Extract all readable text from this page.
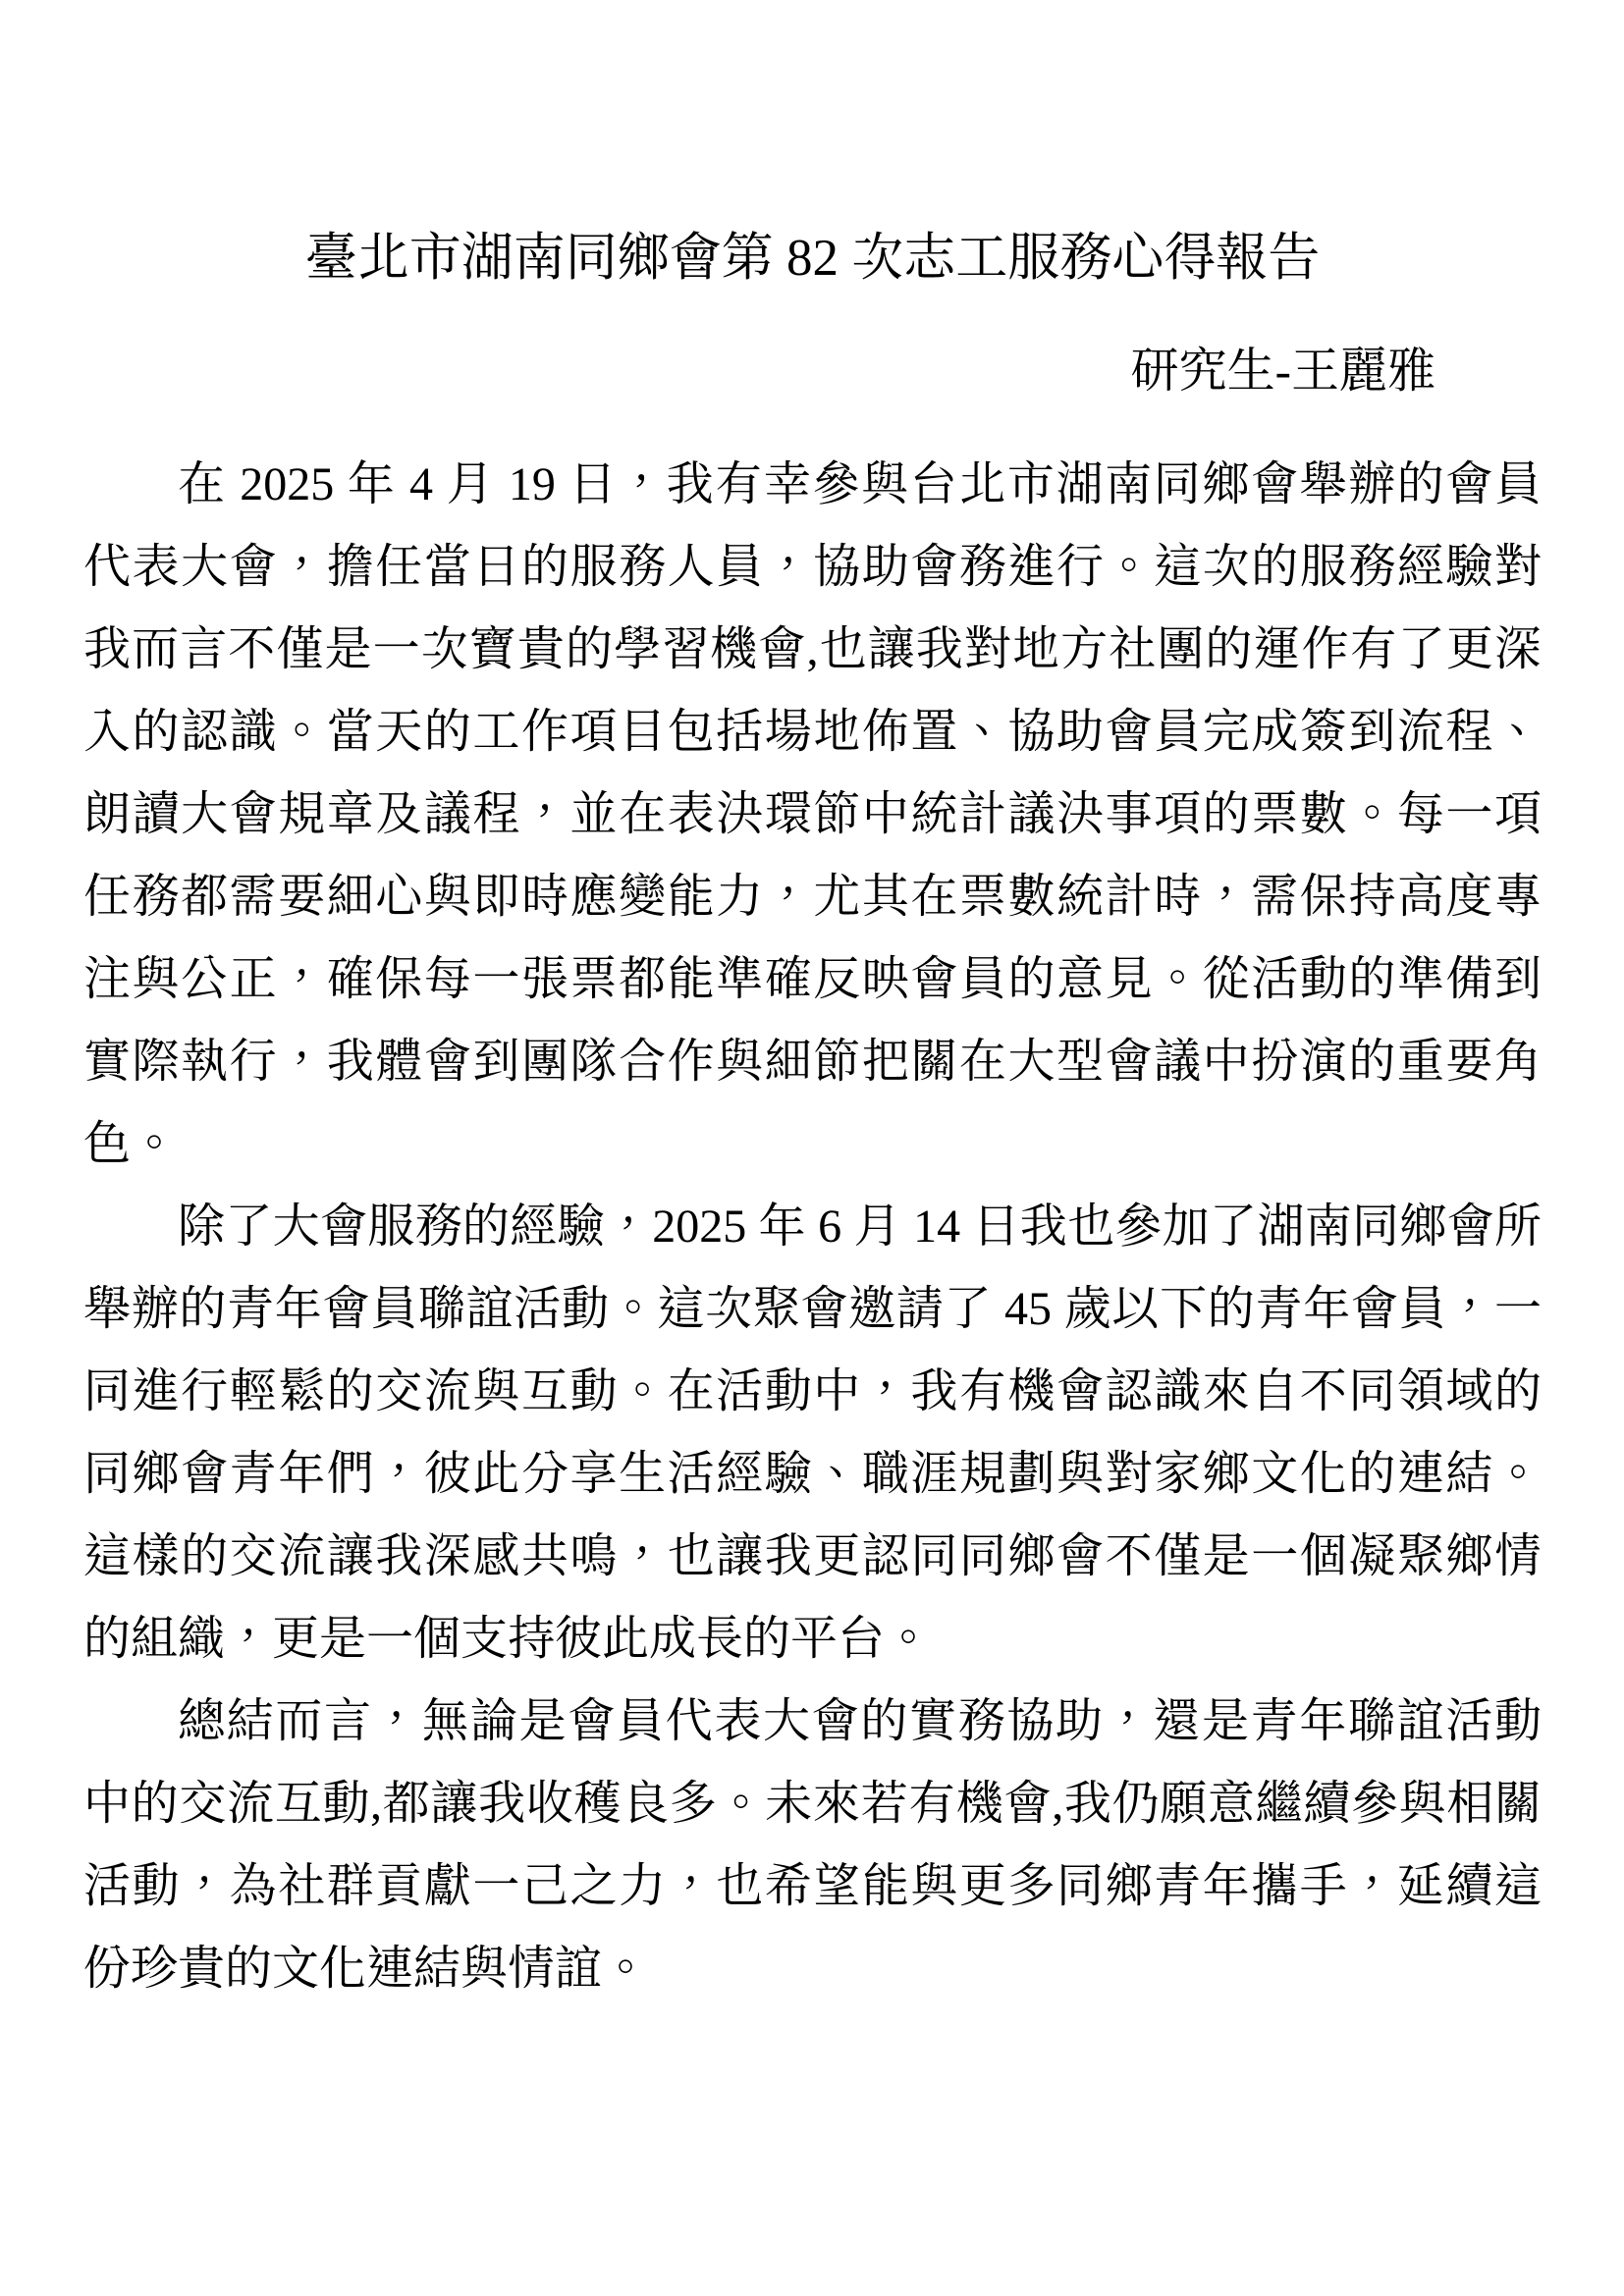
臺北市湖南同鄉會第 82 次志工服務心得報告
研究生-王麗雅

在 2025 年 4 月 19 日，我有幸參與台北市湖南同鄉會舉辦的會員代表大會，擔任當日的服務人員，協助會務進行。這次的服務經驗對我而言不僅是一次寶貴的學習機會,也讓我對地方社團的運作有了更深入的認識。當天的工作項目包括場地佈置、協助會員完成簽到流程、朗讀大會規章及議程，並在表決環節中統計議決事項的票數。每一項任務都需要細心與即時應變能力，尤其在票數統計時，需保持高度專注與公正，確保每一張票都能準確反映會員的意見。從活動的準備到實際執行，我體會到團隊合作與細節把關在大型會議中扮演的重要角色。

除了大會服務的經驗，2025 年 6 月 14 日我也參加了湖南同鄉會所舉辦的青年會員聯誼活動。這次聚會邀請了 45 歲以下的青年會員，一同進行輕鬆的交流與互動。在活動中，我有機會認識來自不同領域的同鄉會青年們，彼此分享生活經驗、職涯規劃與對家鄉文化的連結。這樣的交流讓我深感共鳴，也讓我更認同同鄉會不僅是一個凝聚鄉情的組織，更是一個支持彼此成長的平台。

總結而言，無論是會員代表大會的實務協助，還是青年聯誼活動中的交流互動,都讓我收穫良多。未來若有機會,我仍願意繼續參與相關活動，為社群貢獻一己之力，也希望能與更多同鄉青年攜手，延續這份珍貴的文化連結與情誼。
